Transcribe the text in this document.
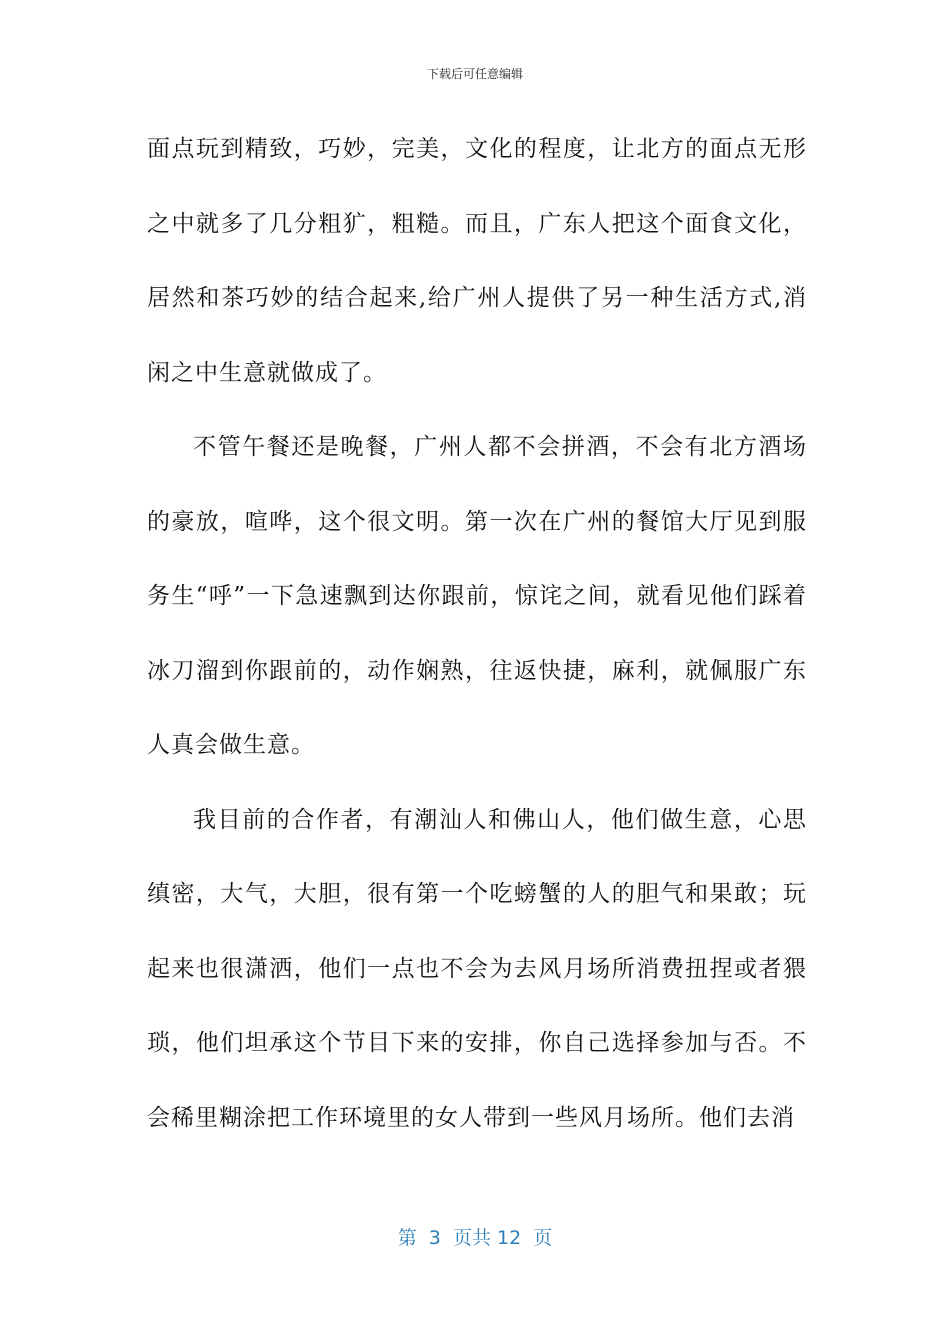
下载后可任意编辑

面点玩到精致，巧妙，完美，文化的程度，让北方的面点无形之中就多了几分粗犷，粗糙。而且，广东人把这个面食文化，居然和茶巧妙的结合起来,给广州人提供了另一种生活方式,消闲之中生意就做成了。

不管午餐还是晚餐，广州人都不会拼酒，不会有北方酒场的豪放，喧哗，这个很文明。第一次在广州的餐馆大厅见到服务生“呼”一下急速飘到达你跟前，惊诧之间，就看见他们踩着冰刀溜到你跟前的，动作娴熟，往返快捷，麻利，就佩服广东人真会做生意。

我目前的合作者，有潮汕人和佛山人，他们做生意，心思缜密，大气，大胆，很有第一个吃螃蟹的人的胆气和果敢；玩起来也很潇洒，他们一点也不会为去风月场所消费扭捏或者猥琐，他们坦承这个节目下来的安排，你自己选择参加与否。不会稀里糊涂把工作环境里的女人带到一些风月场所。他们去消

第  3  页共 12  页
